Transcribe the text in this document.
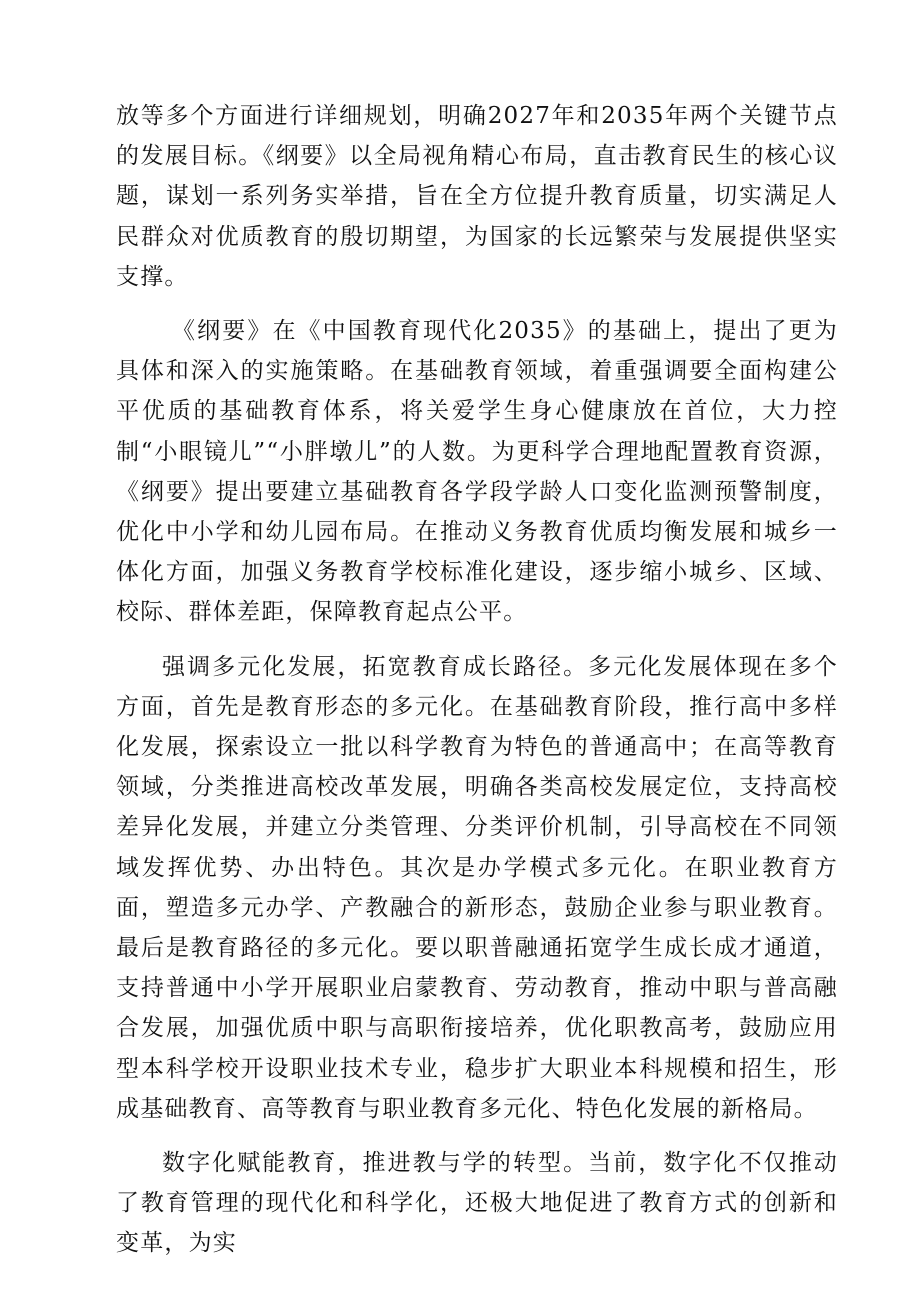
放等多个方面进行详细规划，明确2027年和2035年两个关键节点的发展目标。《纲要》以全局视角精心布局，直击教育民生的核心议题，谋划一系列务实举措，旨在全方位提升教育质量，切实满足人民群众对优质教育的殷切期望，为国家的长远繁荣与发展提供坚实支撑。

《纲要》在《中国教育现代化2035》的基础上，提出了更为具体和深入的实施策略。在基础教育领域，着重强调要全面构建公平优质的基础教育体系，将关爱学生身心健康放在首位，大力控制“小眼镜儿”“小胖墩儿”的人数。为更科学合理地配置教育资源，《纲要》提出要建立基础教育各学段学龄人口变化监测预警制度，优化中小学和幼儿园布局。在推动义务教育优质均衡发展和城乡一体化方面，加强义务教育学校标准化建设，逐步缩小城乡、区域、校际、群体差距，保障教育起点公平。

强调多元化发展，拓宽教育成长路径。多元化发展体现在多个方面，首先是教育形态的多元化。在基础教育阶段，推行高中多样化发展，探索设立一批以科学教育为特色的普通高中；在高等教育领域，分类推进高校改革发展，明确各类高校发展定位，支持高校差异化发展，并建立分类管理、分类评价机制，引导高校在不同领域发挥优势、办出特色。其次是办学模式多元化。在职业教育方面，塑造多元办学、产教融合的新形态，鼓励企业参与职业教育。最后是教育路径的多元化。要以职普融通拓宽学生成长成才通道，支持普通中小学开展职业启蒙教育、劳动教育，推动中职与普高融合发展，加强优质中职与高职衔接培养，优化职教高考，鼓励应用型本科学校开设职业技术专业，稳步扩大职业本科规模和招生，形成基础教育、高等教育与职业教育多元化、特色化发展的新格局。

数字化赋能教育，推进教与学的转型。当前，数字化不仅推动了教育管理的现代化和科学化，还极大地促进了教育方式的创新和变革，为实
